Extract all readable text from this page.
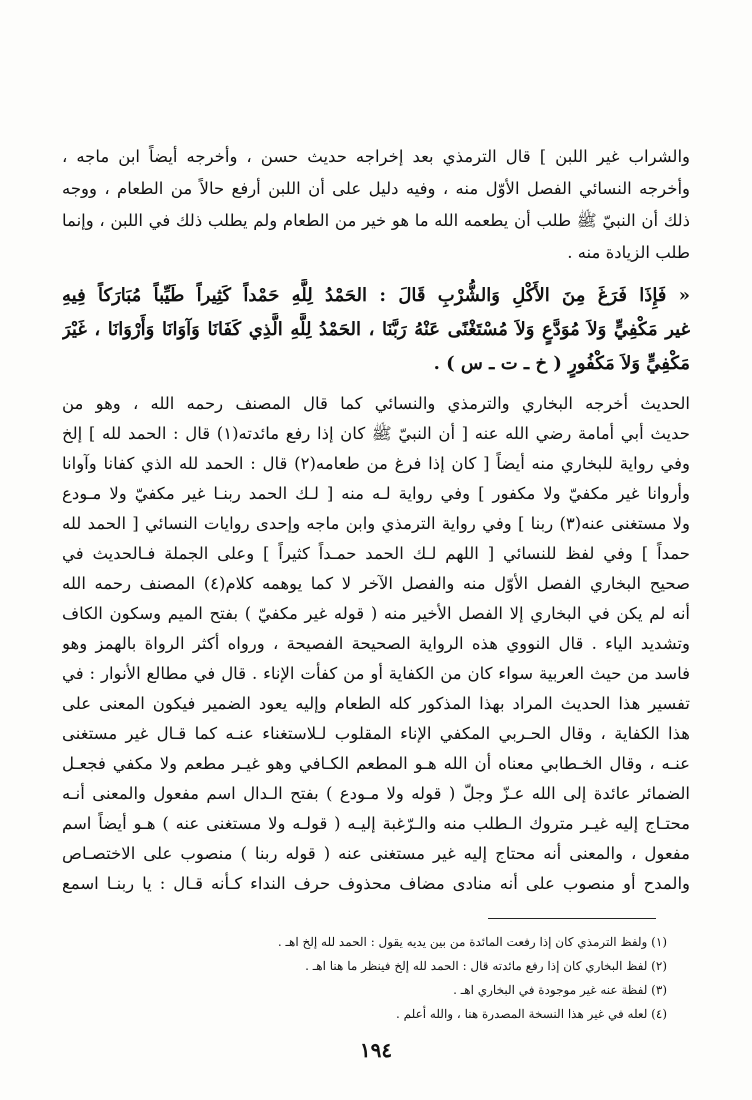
والشراب غير اللبن ] قال الترمذي بعد إخراجه حديث حسن ، وأخرجه أيضاً ابن ماجه ،
وأخرجه النسائي الفصل الأوّل منه ، وفيه دليل على أن اللبن أرفع حالاً من الطعام ، ووجه
ذلك أن النبيّ ﷺ طلب أن يطعمه الله ما هو خير من الطعام ولم يطلب ذلك في اللبن ، وإنما
طلب الزيادة منه .
« فَإِذَا فَرَغَ مِنَ الأَكْلِ وَالشُّرْبِ قَالَ : الحَمْدُ لِلَّهِ حَمْداً كَثِيراً طَيِّباً مُبَارَكاً فِيهِ
غير مَكْفِيٍّ وَلاَ مُوَدَّعٍ وَلاَ مُسْتَغْنًى عَنْهُ رَبَّنَا ، الحَمْدُ لِلَّهِ الَّذِي كَفَانَا وَآوَانَا وَأَرْوَانَا ، غَيْرَ
مَكْفِيٍّ وَلاَ مَكْفُورٍ ( خ ـ ت ـ س ) .
الحديث أخرجه البخاري والترمذي والنسائي كما قال المصنف رحمه الله ، وهو من
حديث أبي أمامة رضي الله عنه [ أن النبيّ ﷺ كان إذا رفع مائدته(١) قال : الحمد لله ] إلخ
وفي رواية للبخاري منه أيضاً [ كان إذا فرغ من طعامه(٢) قال : الحمد لله الذي كفانا وآوانا
وأروانا غير مكفيّ ولا مكفور ] وفي رواية لـه منه [ لـك الحمد ربنـا غير مكفيّ ولا مـودع
ولا مستغنى عنه(٣) ربنا ] وفي رواية الترمذي وابن ماجه وإحدى روايات النسائي [ الحمد لله
حمداً ] وفي لفظ للنسائي [ اللهم لـك الحمد حمـداً كثيراً ] وعلى الجملة فـالحديث في
صحيح البخاري الفصل الأوّل منه والفصل الآخر لا كما يوهمه كلام(٤) المصنف رحمه الله
أنه لم يكن في البخاري إلا الفصل الأخير منه ( قوله غير مكفيّ ) بفتح الميم وسكون الكاف
وتشديد الياء . قال النووي هذه الرواية الصحيحة الفصيحة ، ورواه أكثر الرواة بالهمز وهو
فاسد من حيث العربية سواء كان من الكفاية أو من كفأت الإناء . قال في مطالع الأنوار : في
تفسير هذا الحديث المراد بهذا المذكور كله الطعام وإليه يعود الضمير فيكون المعنى على
هذا الكفاية ، وقال الحـربي المكفي الإناء المقلوب لـلاستغناء عنـه كما قـال غير مستغنى
عنـه ، وقال الخـطابي معناه أن الله هـو المطعم الكـافي وهو غيـر مطعم ولا مكفي فجعـل
الضمائر عائدة إلى الله عـزّ وجلّ ( قوله ولا مـودع ) بفتح الـدال اسم مفعول والمعنى أنـه
محتـاج إليه غيـر متروك الـطلب منه والـرّغبة إليـه ( قولـه ولا مستغنى عنه ) هـو أيضاً اسم
مفعول ، والمعنى أنه محتاج إليه غير مستغنى عنه ( قوله ربنا ) منصوب على الاختصـاص
والمدح أو منصوب على أنه منادى مضاف محذوف حرف النداء كـأنه قـال : يا ربنـا اسمع
(١) ولفظ الترمذي كان إذا رفعت المائدة من بين يديه يقول : الحمد لله إلخ اهـ .
(٢) لفظ البخاري كان إذا رفع مائدته قال : الحمد لله إلخ فينظر ما هنا اهـ .
(٣) لفظة عنه غير موجودة في البخاري اهـ .
(٤) لعله في غير هذا النسخة المصدرة هنا ، والله أعلم .
١٩٤
